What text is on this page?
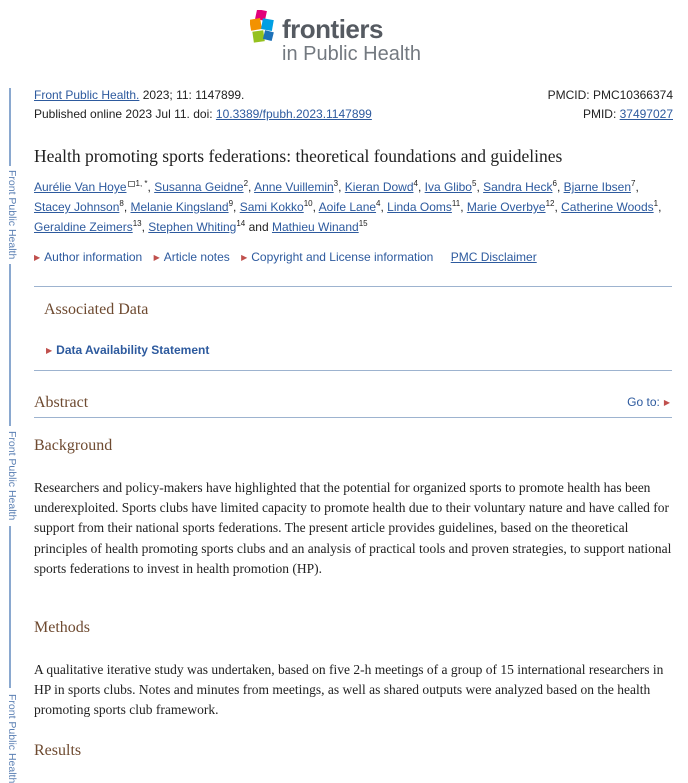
Front Public Health
Front Public Health
Front Public Health
frontiers
in Public Health
Front Public Health. 2023; 11: 1147899.	PMCID: PMC10366374
Published online 2023 Jul 11. doi: 10.3389/fpubh.2023.1147899	PMID: 37497027
Health promoting sports federations: theoretical foundations and guidelines
Aurélie Van Hoye $^{1, *}$, Susanna Geidne$^2$, Anne Vuillemin$^3$, Kieran Dowd$^4$, Iva Glibo$^5$, Sandra Heck$^6$, Bjarne Ibsen$^7$, Stacey Johnson$^8$, Melanie Kingsland$^9$, Sami Kokko$^{10}$, Aoife Lane$^4$, Linda Ooms$^{11}$, Marie Overbye$^{12}$, Catherine Woods$^1$, Geraldine Zeimers$^{13}$, Stephen Whiting$^{14}$ and Mathieu Winand$^{15}$
▶ Author information ▶ Article notes ▶ Copyright and License information PMC Disclaimer
Associated Data
▶ Data Availability Statement
Abstract	Go to: ▶
Background
Researchers and policy-makers have highlighted that the potential for organized sports to promote health has been underexploited. Sports clubs have limited capacity to promote health due to their voluntary nature and have called for support from their national sports federations. The present article provides guidelines, based on the theoretical principles of health promoting sports clubs and an analysis of practical tools and proven strategies, to support national sports federations to invest in health promotion (HP).
Methods
A qualitative iterative study was undertaken, based on five 2-h meetings of a group of 15 international researchers in HP in sports clubs. Notes and minutes from meetings, as well as shared outputs were analyzed based on the health promoting sports club framework.
Results
